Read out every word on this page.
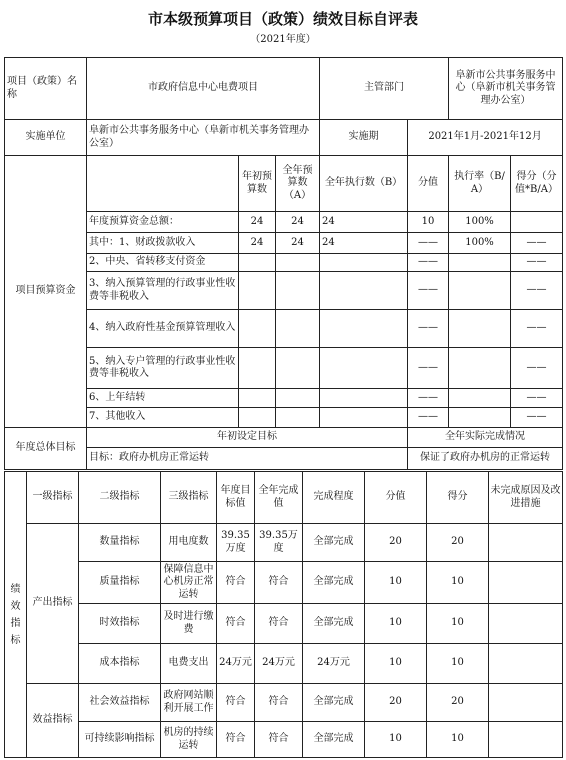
市本级预算项目（政策）绩效目标自评表
（2021年度）
项目（政策）名称	市政府信息中心电费项目			主管部门		阜新市公共事务服务中心（阜新市机关事务管理办公室）	
实施单位	阜新市公共事务服务中心（阜新市机关事务管理办公室）			实施期	2021年1月-2021年12月		
项目预算资金		年初预算数	全年预算数（A）	全年执行数（B）	分值	执行率（B/A）	得分（分值*B/A）
	年度预算资金总额：	24	24	24	10	100%	
	其中：1、财政拨款收入	24	24	24	——	100%	——
	2、中央、省转移支付资金				——		——
	3、纳入预算管理的行政事业性收费等非税收入				——		——
	4、纳入政府性基金预算管理收入				——		——
	5、纳入专户管理的行政事业性收费等非税收入				——		——
	6、上年结转				——		——
	7、其他收入				——		——
年度总体目标	年初设定目标				全年实际完成情况		
	目标：政府办机房正常运转				保证了政府办机房的正常运转		
绩效指标	一级指标	二级指标	三级指标	年度目标值	全年完成值	完成程度	分值	得分	未完成原因及改进措施
	产出指标	数量指标	用电度数	39.35万度	39.35万度	全部完成	20	20	
		质量指标	保障信息中心机房正常运转	符合	符合	全部完成	10	10	
		时效指标	及时进行缴费	符合	符合	全部完成	10	10	
		成本指标	电费支出	24万元	24万元	24万元	10	10	
	效益指标	社会效益指标	政府网站顺利开展工作	符合	符合	全部完成	20	20	
		可持续影响指标	机房的持续运转	符合	符合	全部完成	10	10	
